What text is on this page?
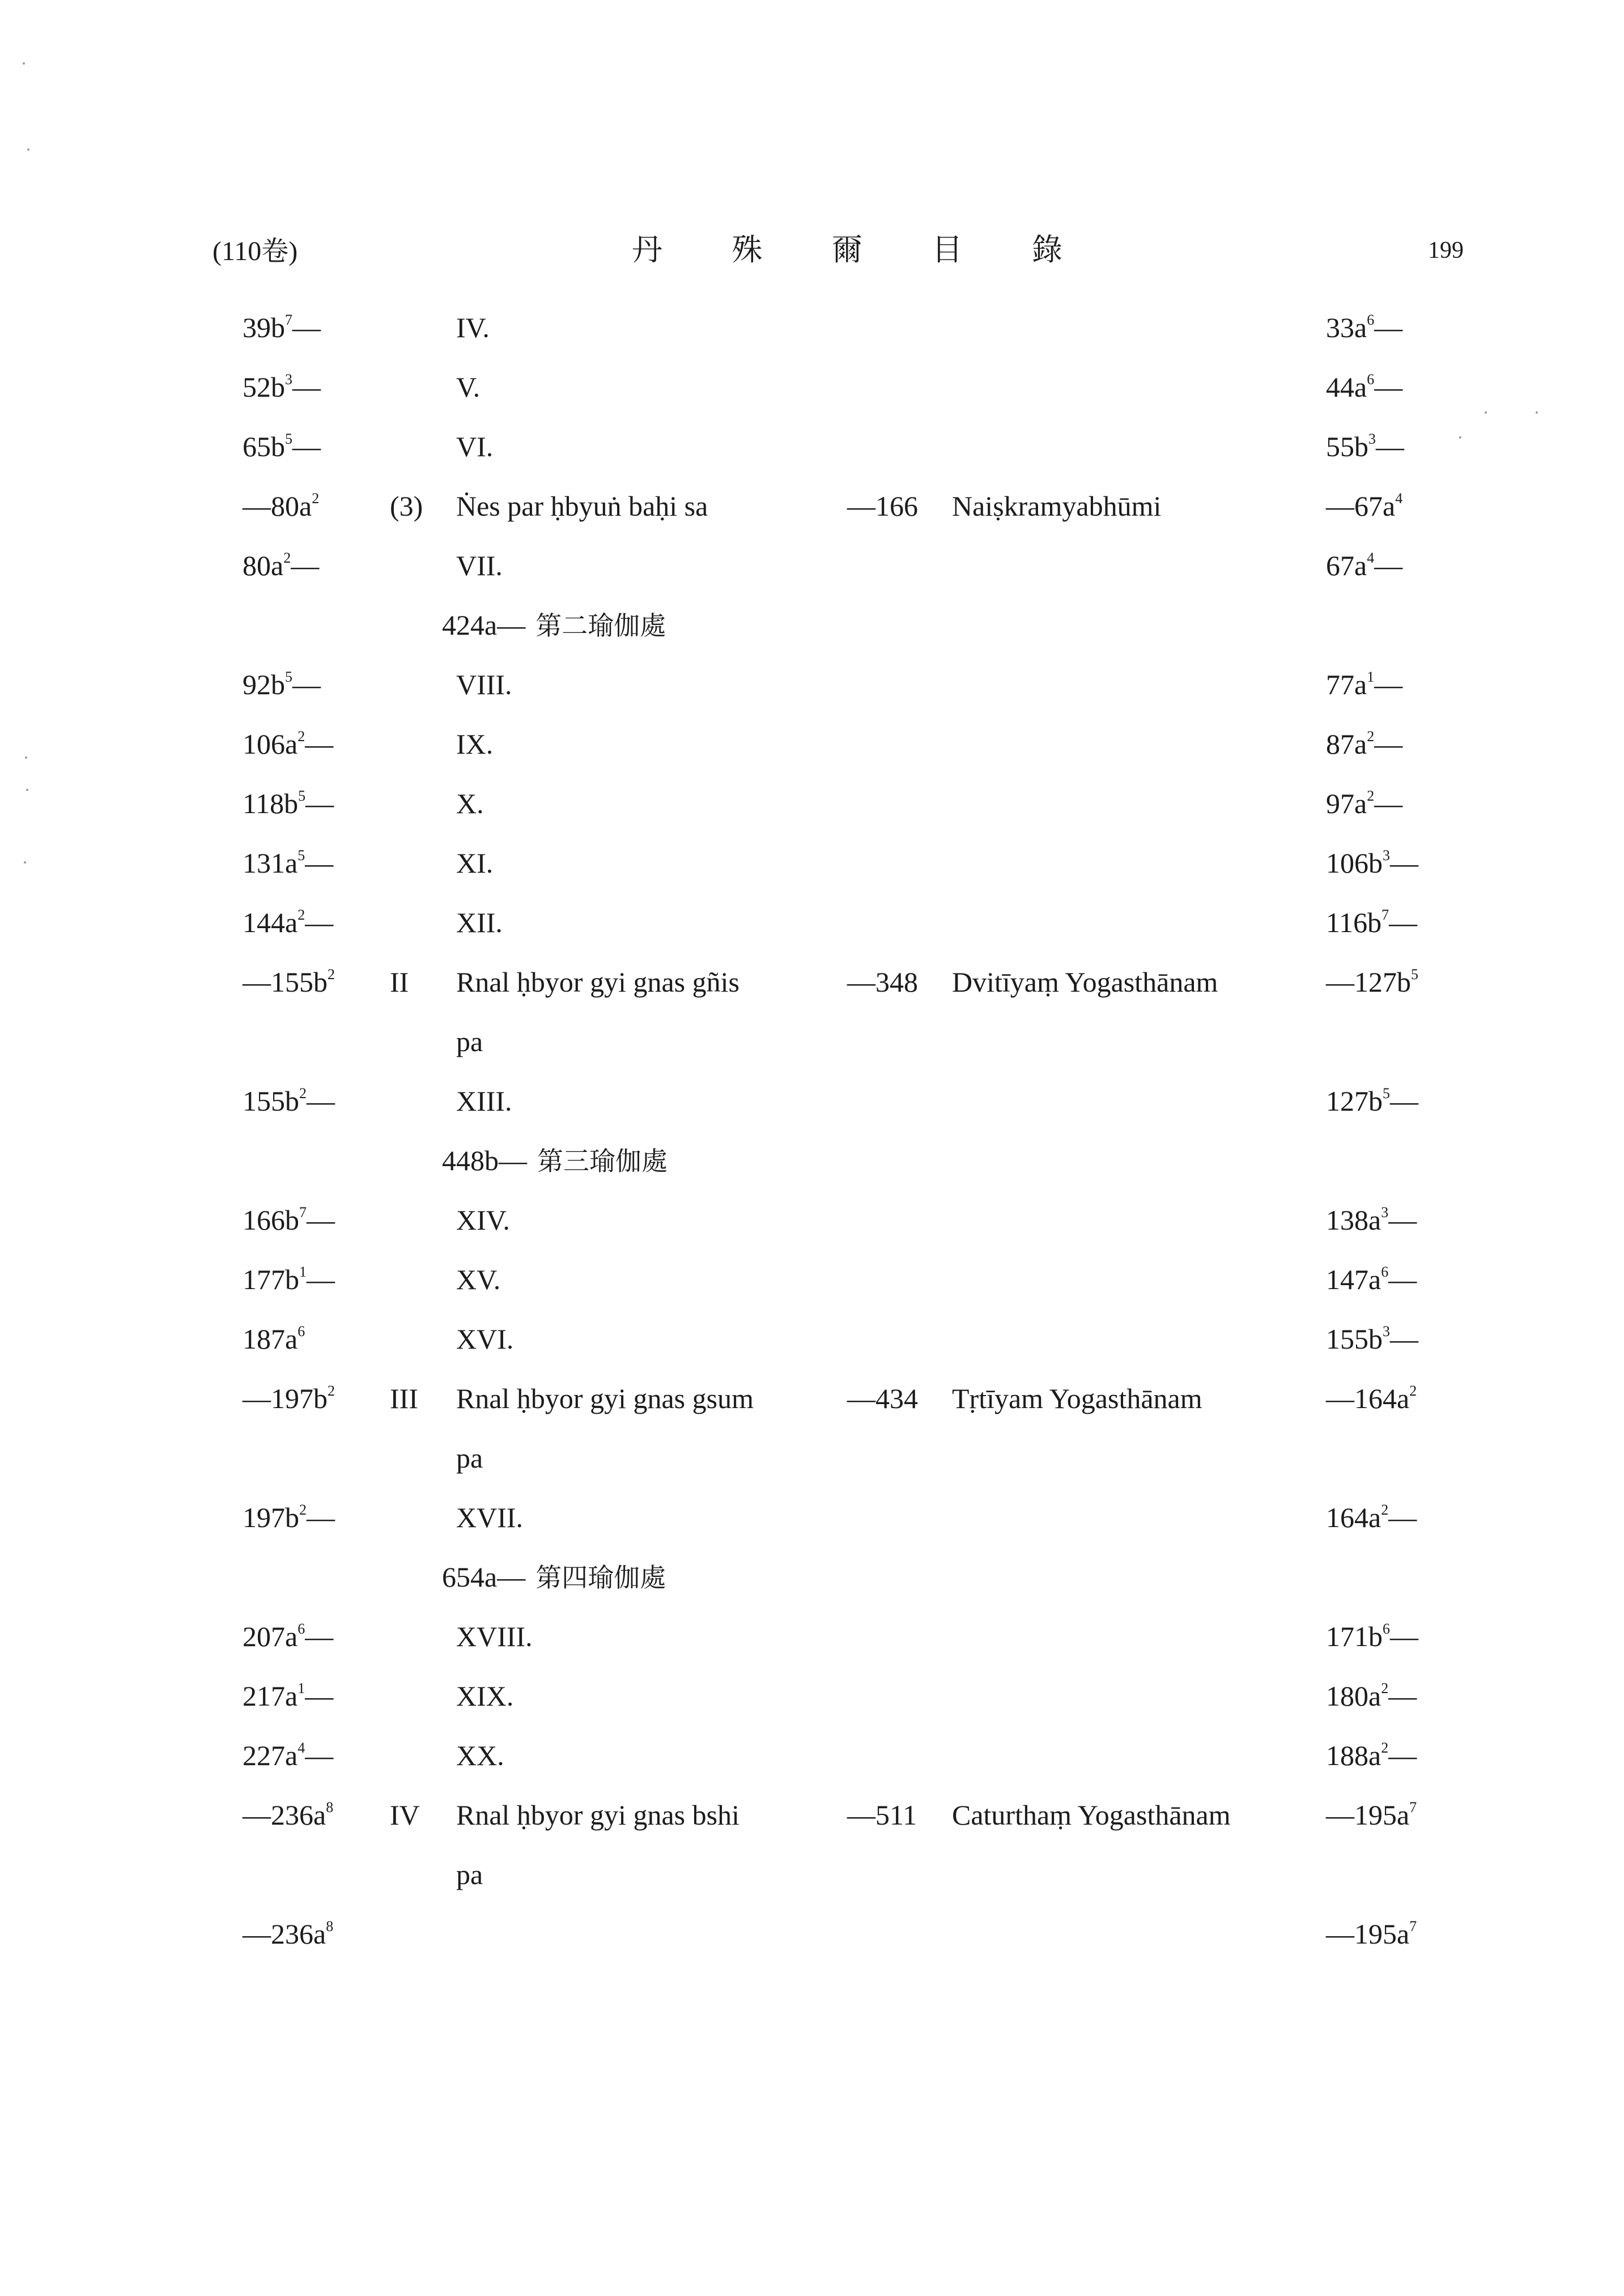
(110卷)	丹 殊 爾 目 錄	199
$39b^7—$	IV.	$33a^6—$
$52b^3—$	V.	$44a^6—$
$65b^5—$	VI.	$55b^3—$
$—80a^2$ (3) Ṅes par ḥbyuṅ baḥi sa	—166 Naiṣkramyabhūmi	$—67a^4$
$80a^2—$	VII.	$67a^4—$
424a— 第二瑜伽處
$92b^5—$	VIII.	$77a^1—$
$106a^2—$	IX.	$87a^2—$
$118b^5—$	X.	$97a^2—$
$131a^5—$	XI.	$106b^3—$
$144a^2—$	XII.	$116b^7—$
$—155b^2$ II Rnal ḥbyor gyi gnas gñis	—348 Dvitīyaṃ Yogasthānam	$—127b^5$
pa
$155b^2—$	XIII.	$127b^5—$
448b— 第三瑜伽處
$166b^7—$	XIV.	$138a^3—$
$177b^1—$	XV.	$147a^6—$
$187a^6$	XVI.	$155b^3—$
$—197b^2$ III Rnal ḥbyor gyi gnas gsum	—434 Tṛtīyam Yogasthānam	$—164a^2$
pa
$197b^2—$	XVII.	$164a^2—$
654a— 第四瑜伽處
$207a^6—$	XVIII.	$171b^6—$
$217a^1—$	XIX.	$180a^2—$
$227a^4—$	XX.	$188a^2—$
$—236a^8$ IV Rnal ḥbyor gyi gnas bshi	—511 Caturthaṃ Yogasthānam	$—195a^7$
pa
$—236a^8$	$—195a^7$
